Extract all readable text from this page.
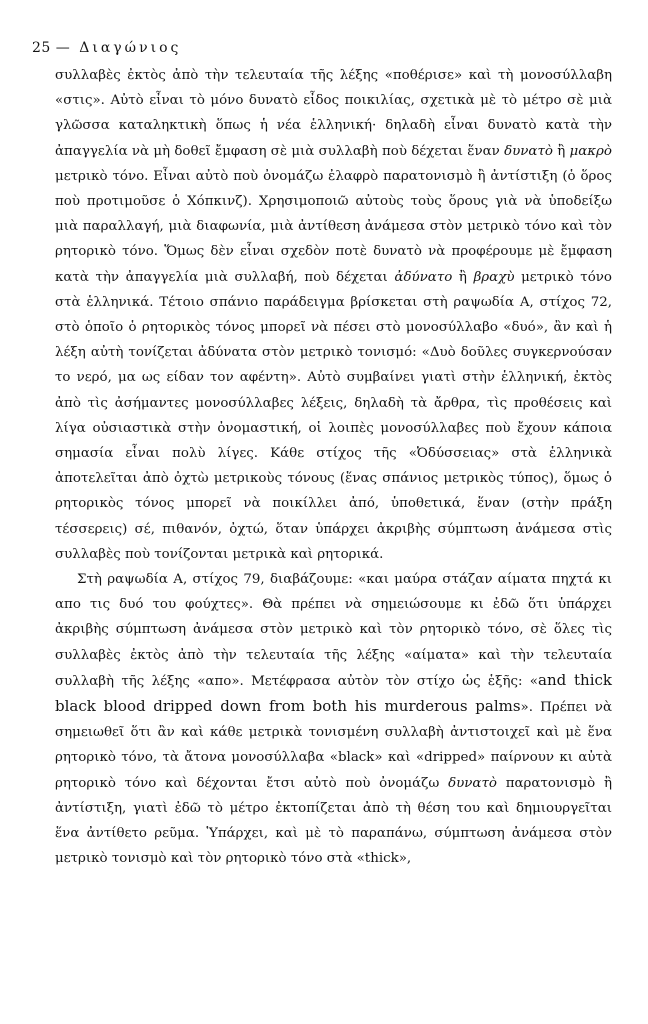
25 — Διαγώνιος

συλλαβὲς ἐκτὸς ἀπὸ τὴν τελευταία τῆς λέξης «ποθέρισε» καὶ τὴ μονοσύλλαβη «στις». Αὐτὸ εἶναι τὸ μόνο δυνατὸ εἶδος ποικιλίας, σχετικὰ μὲ τὸ μέτρο σὲ μιὰ γλῶσσα καταληκτικὴ ὅπως ἡ νέα ἑλληνική· δηλαδὴ εἶναι δυνατὸ κατὰ τὴν ἀπαγγελία νὰ μὴ δοθεῖ ἔμφαση σὲ μιὰ συλλαβὴ ποὺ δέχεται ἕναν δυνατὸ ἢ μακρὸ μετρικὸ τόνο. Εἶναι αὐτὸ ποὺ ὀνομάζω ἐλαφρὸ παρατονισμὸ ἢ ἀντίστιξη (ὁ ὅρος ποὺ προτιμοῦσε ὁ Χόπκινζ). Χρησιμοποιῶ αὐτοὺς τοὺς ὅρους γιὰ νὰ ὑποδείξω μιὰ παραλλαγή, μιὰ διαφωνία, μιὰ ἀντίθεση ἀνάμεσα στὸν μετρικὸ τόνο καὶ τὸν ρητορικὸ τόνο. Ὅμως δὲν εἶναι σχεδὸν ποτὲ δυνατὸ νὰ προφέρουμε μὲ ἔμφαση κατὰ τὴν ἀπαγγελία μιὰ συλλαβή, ποὺ δέχεται ἀδύνατο ἢ βραχὺ μετρικὸ τόνο στὰ ἑλληνικά. Τέτοιο σπάνιο παράδειγμα βρίσκεται στὴ ραψωδία Α, στίχος 72, στὸ ὁποῖο ὁ ρητορικὸς τόνος μπορεῖ νὰ πέσει στὸ μονοσύλλαβο «δυό», ἂν καὶ ἡ λέξη αὐτὴ τονίζεται ἀδύνατα στὸν μετρικὸ τονισμό: «Δυὸ δοῦλες συγκερνούσαν το νερό, μα ως είδαν τον αφέντη». Αὐτὸ συμβαίνει γιατὶ στὴν ἑλληνική, ἐκτὸς ἀπὸ τὶς ἀσήμαντες μονοσύλλαβες λέξεις, δηλαδὴ τὰ ἄρθρα, τὶς προθέσεις καὶ λίγα οὐσιαστικὰ στὴν ὀνομαστική, οἱ λοιπὲς μονοσύλλαβες ποὺ ἔχουν κάποια σημασία εἶναι πολὺ λίγες. Κάθε στίχος τῆς «Ὀδύσσειας» στὰ ἑλληνικὰ ἀποτελεῖται ἀπὸ ὀχτὼ μετρικοὺς τόνους (ἕνας σπάνιος μετρικὸς τύπος), ὅμως ὁ ρητορικὸς τόνος μπορεῖ νὰ ποικίλλει ἀπό, ὑποθετικά, ἕναν (στὴν πράξη τέσσερεις) σέ, πιθανόν, ὀχτώ, ὅταν ὑπάρχει ἀκριβὴς σύμπτωση ἀνάμεσα στὶς συλλαβὲς ποὺ τονίζονται μετρικὰ καὶ ρητορικά.

Στὴ ραψωδία Α, στίχος 79, διαβάζουμε: «και μαύρα στάζαν αίματα πηχτά κι απο τις δυό του φούχτες». Θὰ πρέπει νὰ σημειώσουμε κι ἐδῶ ὅτι ὑπάρχει ἀκριβὴς σύμπτωση ἀνάμεσα στὸν μετρικὸ καὶ τὸν ρητορικὸ τόνο, σὲ ὅλες τὶς συλλαβὲς ἐκτὸς ἀπὸ τὴν τελευταία τῆς λέξης «αίματα» καὶ τὴν τελευταία συλλαβὴ τῆς λέξης «απο». Μετέφρασα αὐτὸν τὸν στίχο ὡς ἑξῆς: «and thick black blood dripped down from both his murderous palms». Πρέπει νὰ σημειωθεῖ ὅτι ἂν καὶ κάθε μετρικὰ τονισμένη συλλαβὴ ἀντιστοιχεῖ καὶ μὲ ἕνα ρητορικὸ τόνο, τὰ ἄτονα μονοσύλλαβα «black» καὶ «dripped» παίρνουν κι αὐτὰ ρητορικὸ τόνο καὶ δέχονται ἔτσι αὐτὸ ποὺ ὀνομάζω δυνατὸ παρατονισμὸ ἢ ἀντίστιξη, γιατὶ ἐδῶ τὸ μέτρο ἐκτοπίζεται ἀπὸ τὴ θέση του καὶ δημιουργεῖται ἕνα ἀντίθετο ρεῦμα. Ὑπάρχει, καὶ μὲ τὸ παραπάνω, σύμπτωση ἀνάμεσα στὸν μετρικὸ τονισμὸ καὶ τὸν ρητορικὸ τόνο στὰ «thick»,
